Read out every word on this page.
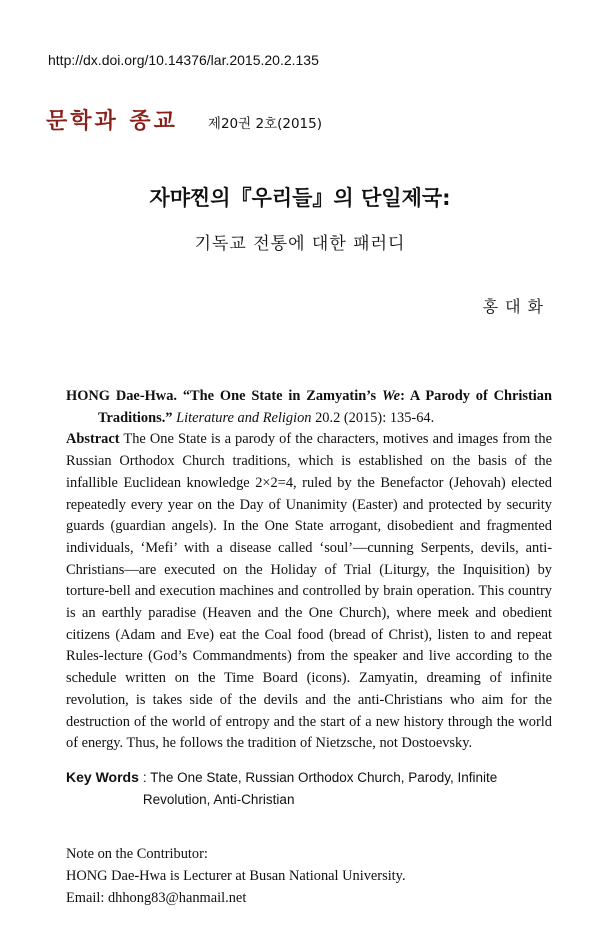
http://dx.doi.org/10.14376/lar.2015.20.2.135
문학과 종교 제20권 2호(2015)
자먀찐의『우리들』의 단일제국:
기독교 전통에 대한 패러디
홍대화

HONG Dae-Hwa. “The One State in Zamyatin’s We: A Parody of Christian Traditions.” Literature and Religion 20.2 (2015): 135-64.

Abstract The One State is a parody of the characters, motives and images from the Russian Orthodox Church traditions, which is established on the basis of the infallible Euclidean knowledge 2×2=4, ruled by the Benefactor (Jehovah) elected repeatedly every year on the Day of Unanimity (Easter) and protected by security guards (guardian angels). In the One State arrogant, disobedient and fragmented individuals, ‘Mefi’ with a disease called ‘soul’—cunning Serpents, devils, anti-Christians—are executed on the Holiday of Trial (Liturgy, the Inquisition) by torture-bell and execution machines and controlled by brain operation. This country is an earthly paradise (Heaven and the One Church), where meek and obedient citizens (Adam and Eve) eat the Coal food (bread of Christ), listen to and repeat Rules-lecture (God’s Commandments) from the speaker and live according to the schedule written on the Time Board (icons). Zamyatin, dreaming of infinite revolution, is takes side of the devils and the anti-Christians who aim for the destruction of the world of entropy and the start of a new history through the world of energy. Thus, he follows the tradition of Nietzsche, not Dostoevsky.

Key Words : The One State, Russian Orthodox Church, Parody, Infinite Revolution, Anti-Christian
Note on the Contributor:
HONG Dae-Hwa is Lecturer at Busan National University.
Email: dhhong83@hanmail.net
